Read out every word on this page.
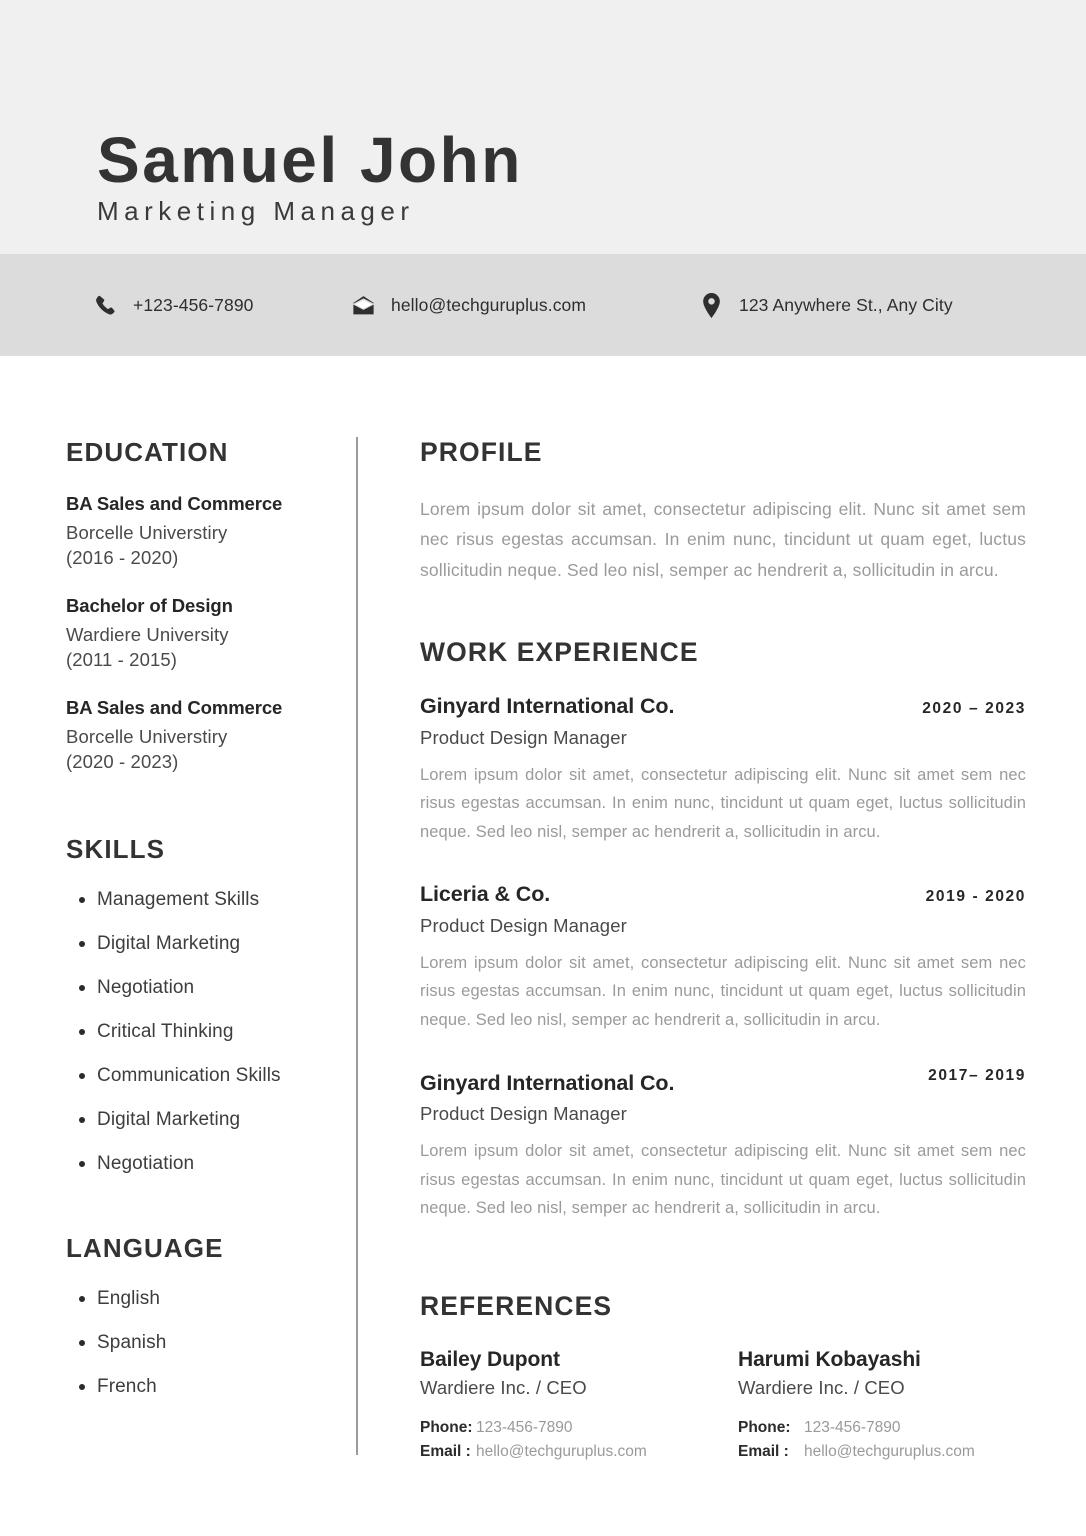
Samuel John
Marketing Manager
+123-456-7890	hello@techguruplus.com	123 Anywhere St., Any City
EDUCATION
BA Sales and Commerce
Borcelle Universtiry
(2016 - 2020)
Bachelor of Design
Wardiere University
(2011 - 2015)
BA Sales and Commerce
Borcelle Universtiry
(2020 - 2023)
SKILLS
Management Skills
Digital Marketing
Negotiation
Critical Thinking
Communication Skills
Digital Marketing
Negotiation
LANGUAGE
English
Spanish
French
PROFILE

Lorem ipsum dolor sit amet, consectetur adipiscing elit. Nunc sit amet sem nec risus egestas accumsan. In enim nunc, tincidunt ut quam eget, luctus sollicitudin neque. Sed leo nisl, semper ac hendrerit a, sollicitudin in arcu.

WORK EXPERIENCE
Ginyard International Co.	2020 – 2023
Product Design Manager

Lorem ipsum dolor sit amet, consectetur adipiscing elit. Nunc sit amet sem nec risus egestas accumsan. In enim nunc, tincidunt ut quam eget, luctus sollicitudin neque. Sed leo nisl, semper ac hendrerit a, sollicitudin in arcu.

Liceria & Co.	2019 - 2020
Product Design Manager

Lorem ipsum dolor sit amet, consectetur adipiscing elit. Nunc sit amet sem nec risus egestas accumsan. In enim nunc, tincidunt ut quam eget, luctus sollicitudin neque. Sed leo nisl, semper ac hendrerit a, sollicitudin in arcu.

Ginyard International Co.	2017– 2019
Product Design Manager

Lorem ipsum dolor sit amet, consectetur adipiscing elit. Nunc sit amet sem nec risus egestas accumsan. In enim nunc, tincidunt ut quam eget, luctus sollicitudin neque. Sed leo nisl, semper ac hendrerit a, sollicitudin in arcu.

REFERENCES
Bailey Dupont
Wardiere Inc. / CEO
Phone: 123-456-7890
Email : hello@techguruplus.com
Harumi Kobayashi
Wardiere Inc. / CEO
Phone: 123-456-7890
Email : hello@techguruplus.com
